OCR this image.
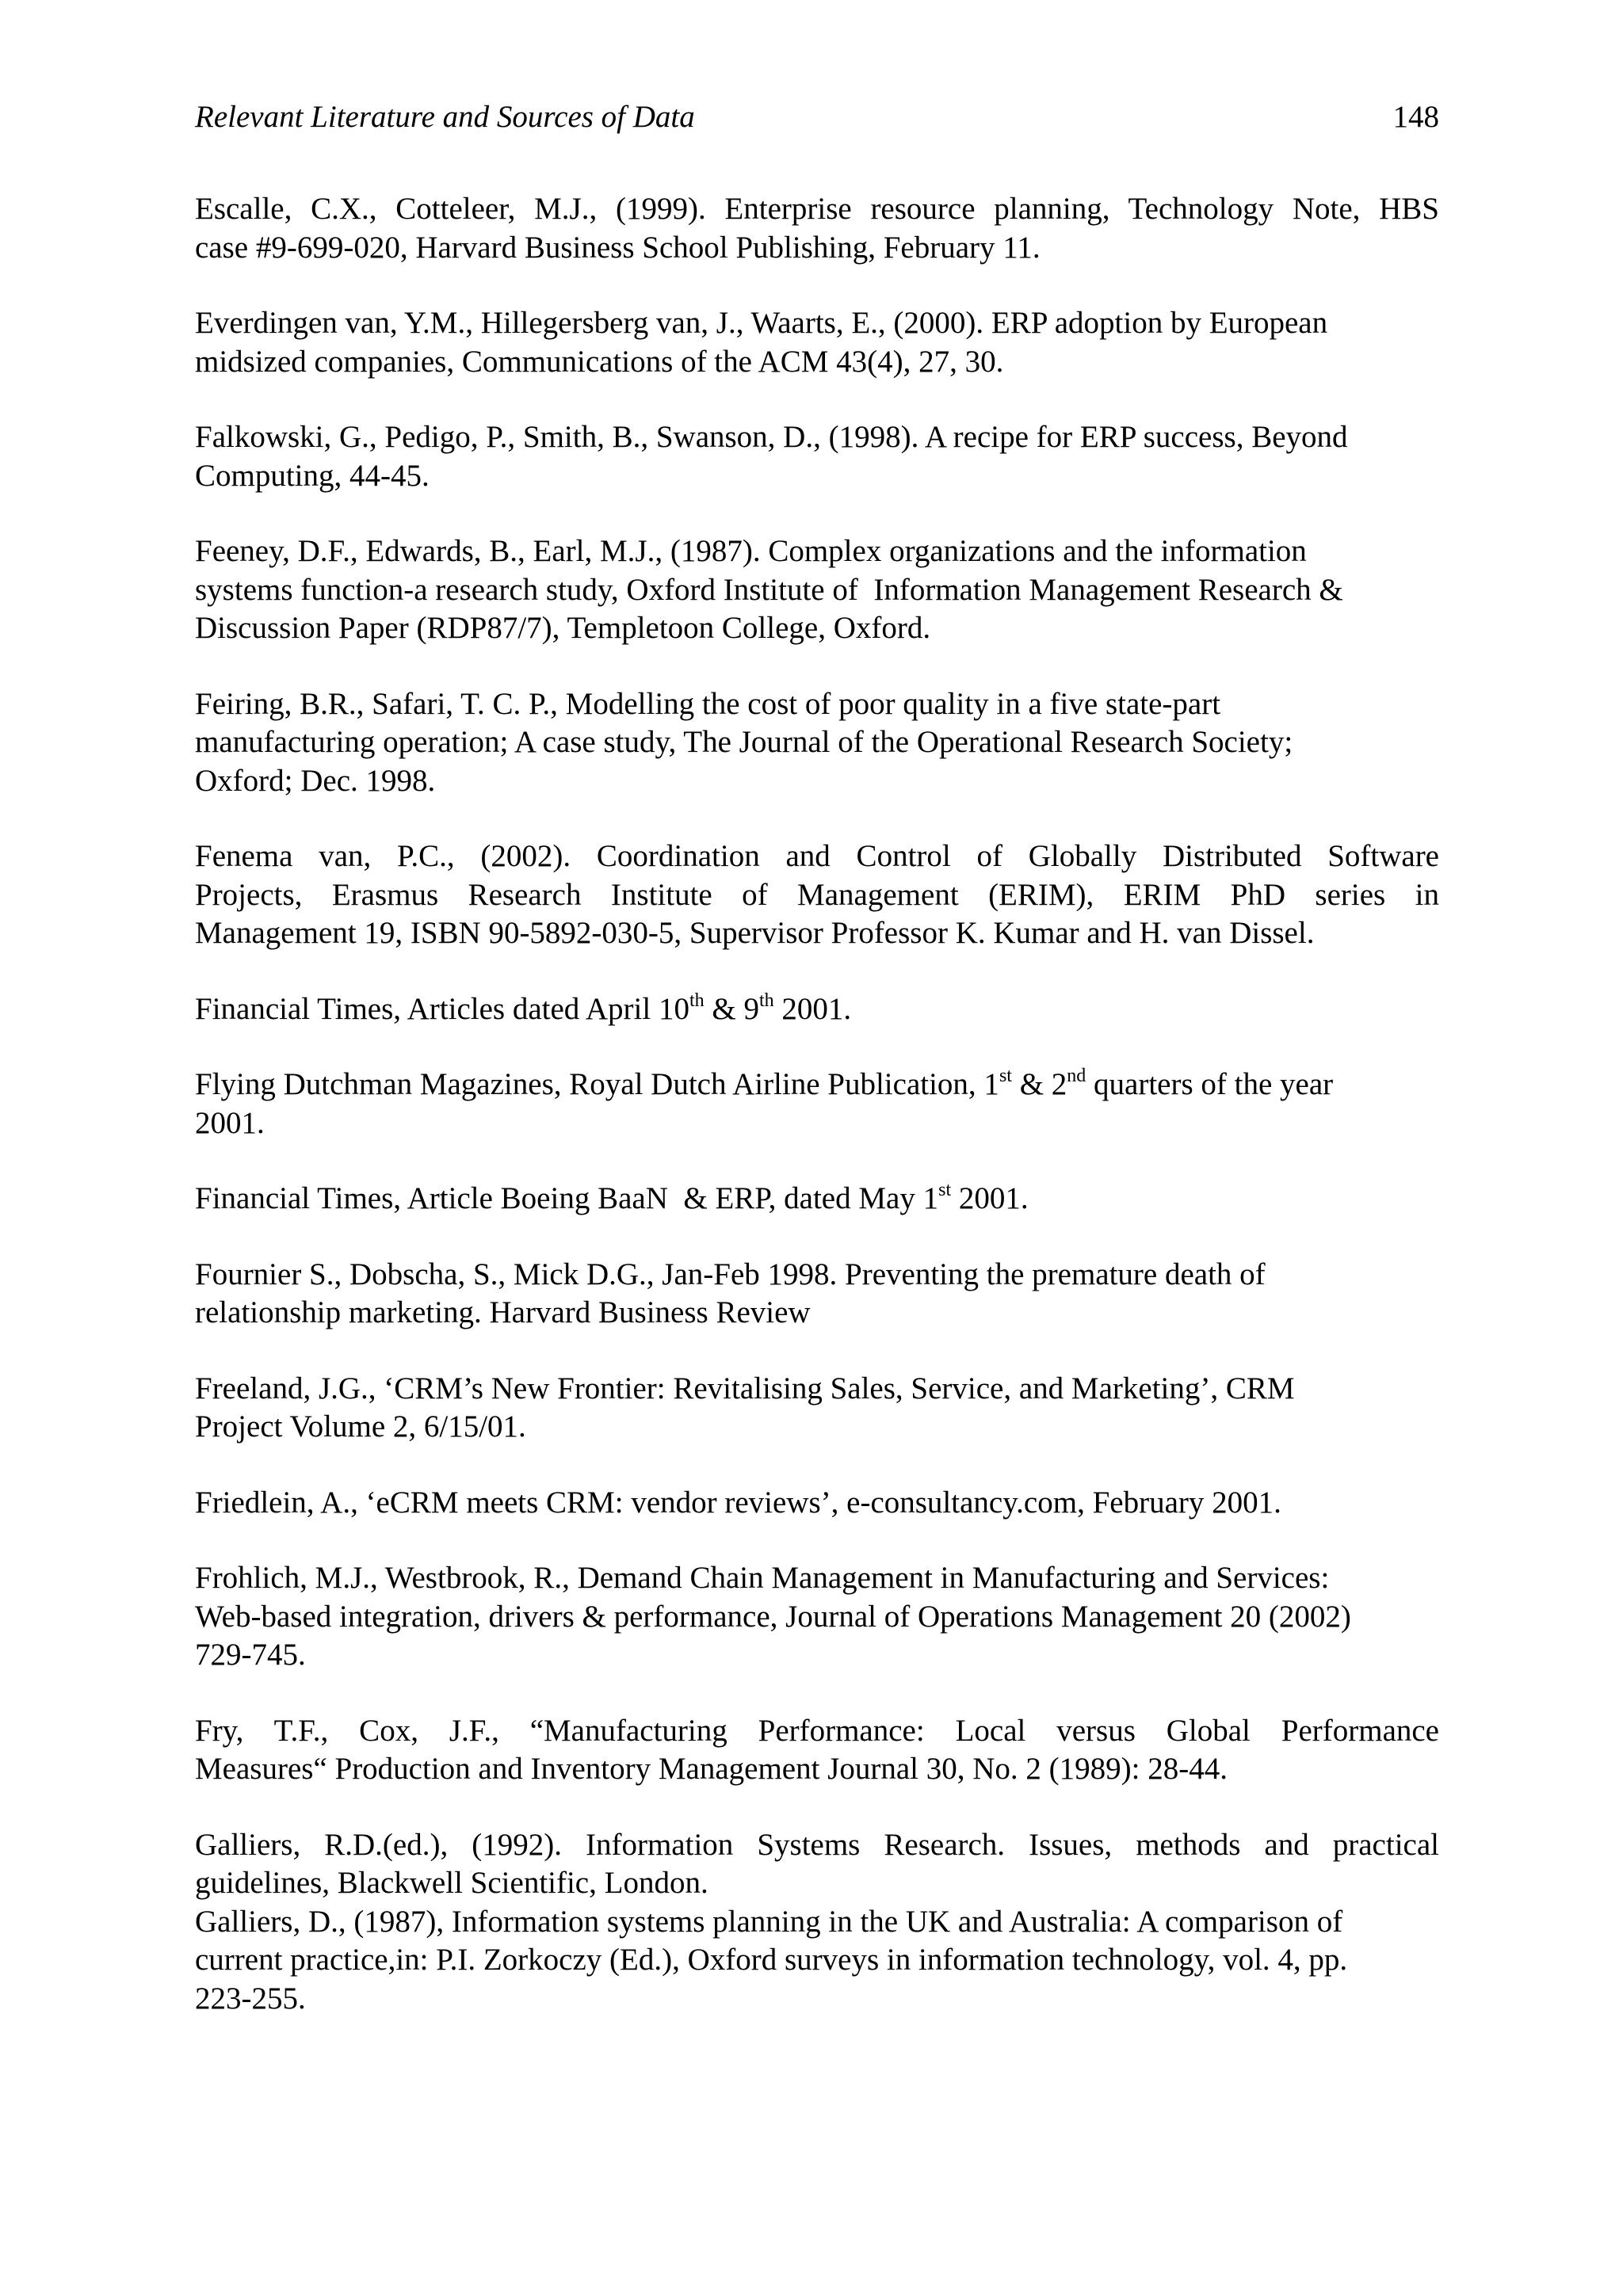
Relevant Literature and Sources of Data	148
Escalle, C.X., Cotteleer, M.J., (1999). Enterprise resource planning, Technology Note, HBS
case #9-699-020, Harvard Business School Publishing, February 11.
Everdingen van, Y.M., Hillegersberg van, J., Waarts, E., (2000). ERP adoption by European
midsized companies, Communications of the ACM 43(4), 27, 30.
Falkowski, G., Pedigo, P., Smith, B., Swanson, D., (1998). A recipe for ERP success, Beyond
Computing, 44-45.
Feeney, D.F., Edwards, B., Earl, M.J., (1987). Complex organizations and the information
systems function-a research study, Oxford Institute of  Information Management Research &
Discussion Paper (RDP87/7), Templetoon College, Oxford.
Feiring, B.R., Safari, T. C. P., Modelling the cost of poor quality in a five state-part
manufacturing operation; A case study, The Journal of the Operational Research Society;
Oxford; Dec. 1998.
Fenema van, P.C., (2002). Coordination and Control of Globally Distributed Software
Projects, Erasmus Research Institute of Management (ERIM), ERIM PhD series in
Management 19, ISBN 90-5892-030-5, Supervisor Professor K. Kumar and H. van Dissel.
Financial Times, Articles dated April 10th & 9th 2001.
Flying Dutchman Magazines, Royal Dutch Airline Publication, 1st & 2nd quarters of the year
2001.
Financial Times, Article Boeing BaaN  & ERP, dated May 1st 2001.
Fournier S., Dobscha, S., Mick D.G., Jan-Feb 1998. Preventing the premature death of
relationship marketing. Harvard Business Review
Freeland, J.G., ‘CRM’s New Frontier: Revitalising Sales, Service, and Marketing’, CRM
Project Volume 2, 6/15/01.
Friedlein, A., ‘eCRM meets CRM: vendor reviews’, e-consultancy.com, February 2001.
Frohlich, M.J., Westbrook, R., Demand Chain Management in Manufacturing and Services:
Web-based integration, drivers & performance, Journal of Operations Management 20 (2002)
729-745.
Fry, T.F., Cox, J.F., “Manufacturing Performance: Local versus Global Performance
Measures“ Production and Inventory Management Journal 30, No. 2 (1989): 28-44.
Galliers, R.D.(ed.), (1992). Information Systems Research. Issues, methods and practical
guidelines, Blackwell Scientific, London.
Galliers, D., (1987), Information systems planning in the UK and Australia: A comparison of
current practice,in: P.I. Zorkoczy (Ed.), Oxford surveys in information technology, vol. 4, pp.
223-255.
